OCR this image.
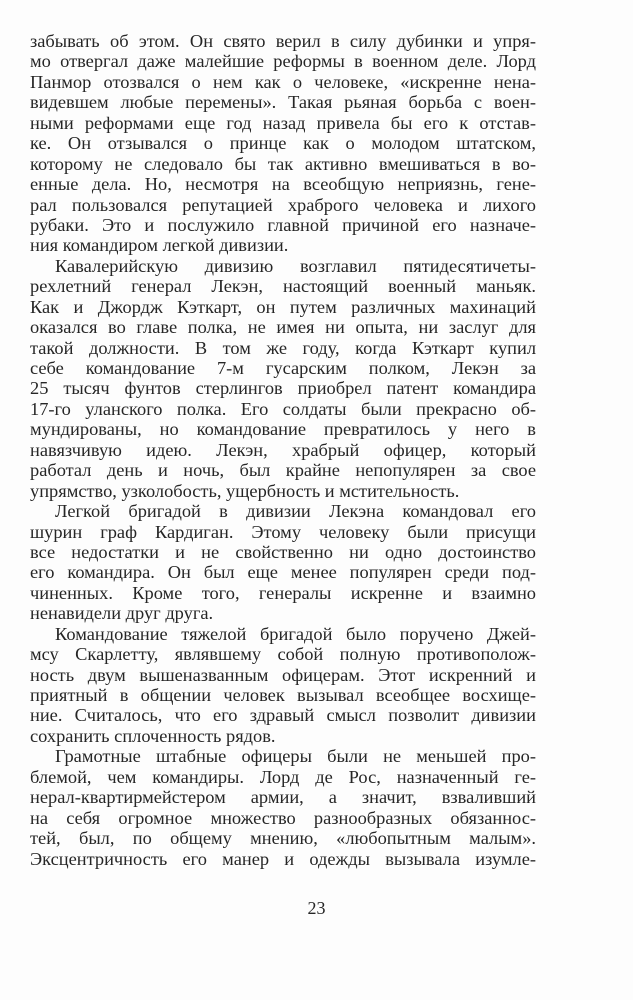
забывать об этом. Он свято верил в силу дубинки и упря-
мо отвергал даже малейшие реформы в военном деле. Лорд
Панмор отозвался о нем как о человеке, «искренне нена-
видевшем любые перемены». Такая рьяная борьба с воен-
ными реформами еще год назад привела бы его к отстав-
ке. Он отзывался о принце как о молодом штатском,
которому не следовало бы так активно вмешиваться в во-
енные дела. Но, несмотря на всеобщую неприязнь, гене-
рал пользовался репутацией храброго человека и лихого
рубаки. Это и послужило главной причиной его назначе-
ния командиром легкой дивизии.
Кавалерийскую дивизию возглавил пятидесятичеты-
рехлетний генерал Лекэн, настоящий военный маньяк.
Как и Джордж Кэткарт, он путем различных махинаций
оказался во главе полка, не имея ни опыта, ни заслуг для
такой должности. В том же году, когда Кэткарт купил
себе командование 7-м гусарским полком, Лекэн за
25 тысяч фунтов стерлингов приобрел патент командира
17-го уланского полка. Его солдаты были прекрасно об-
мундированы, но командование превратилось у него в
навязчивую идею. Лекэн, храбрый офицер, который
работал день и ночь, был крайне непопулярен за свое
упрямство, узколобость, ущербность и мстительность.
Легкой бригадой в дивизии Лекэна командовал его
шурин граф Кардиган. Этому человеку были присущи
все недостатки и не свойственно ни одно достоинство
его командира. Он был еще менее популярен среди под-
чиненных. Кроме того, генералы искренне и взаимно
ненавидели друг друга.
Командование тяжелой бригадой было поручено Джей-
мсу Скарлетту, являвшему собой полную противополож-
ность двум вышеназванным офицерам. Этот искренний и
приятный в общении человек вызывал всеобщее восхище-
ние. Считалось, что его здравый смысл позволит дивизии
сохранить сплоченность рядов.
Грамотные штабные офицеры были не меньшей про-
блемой, чем командиры. Лорд де Рос, назначенный ге-
нерал-квартирмейстером армии, а значит, взваливший
на себя огромное множество разнообразных обязаннос-
тей, был, по общему мнению, «любопытным малым».
Эксцентричность его манер и одежды вызывала изумле-
23
